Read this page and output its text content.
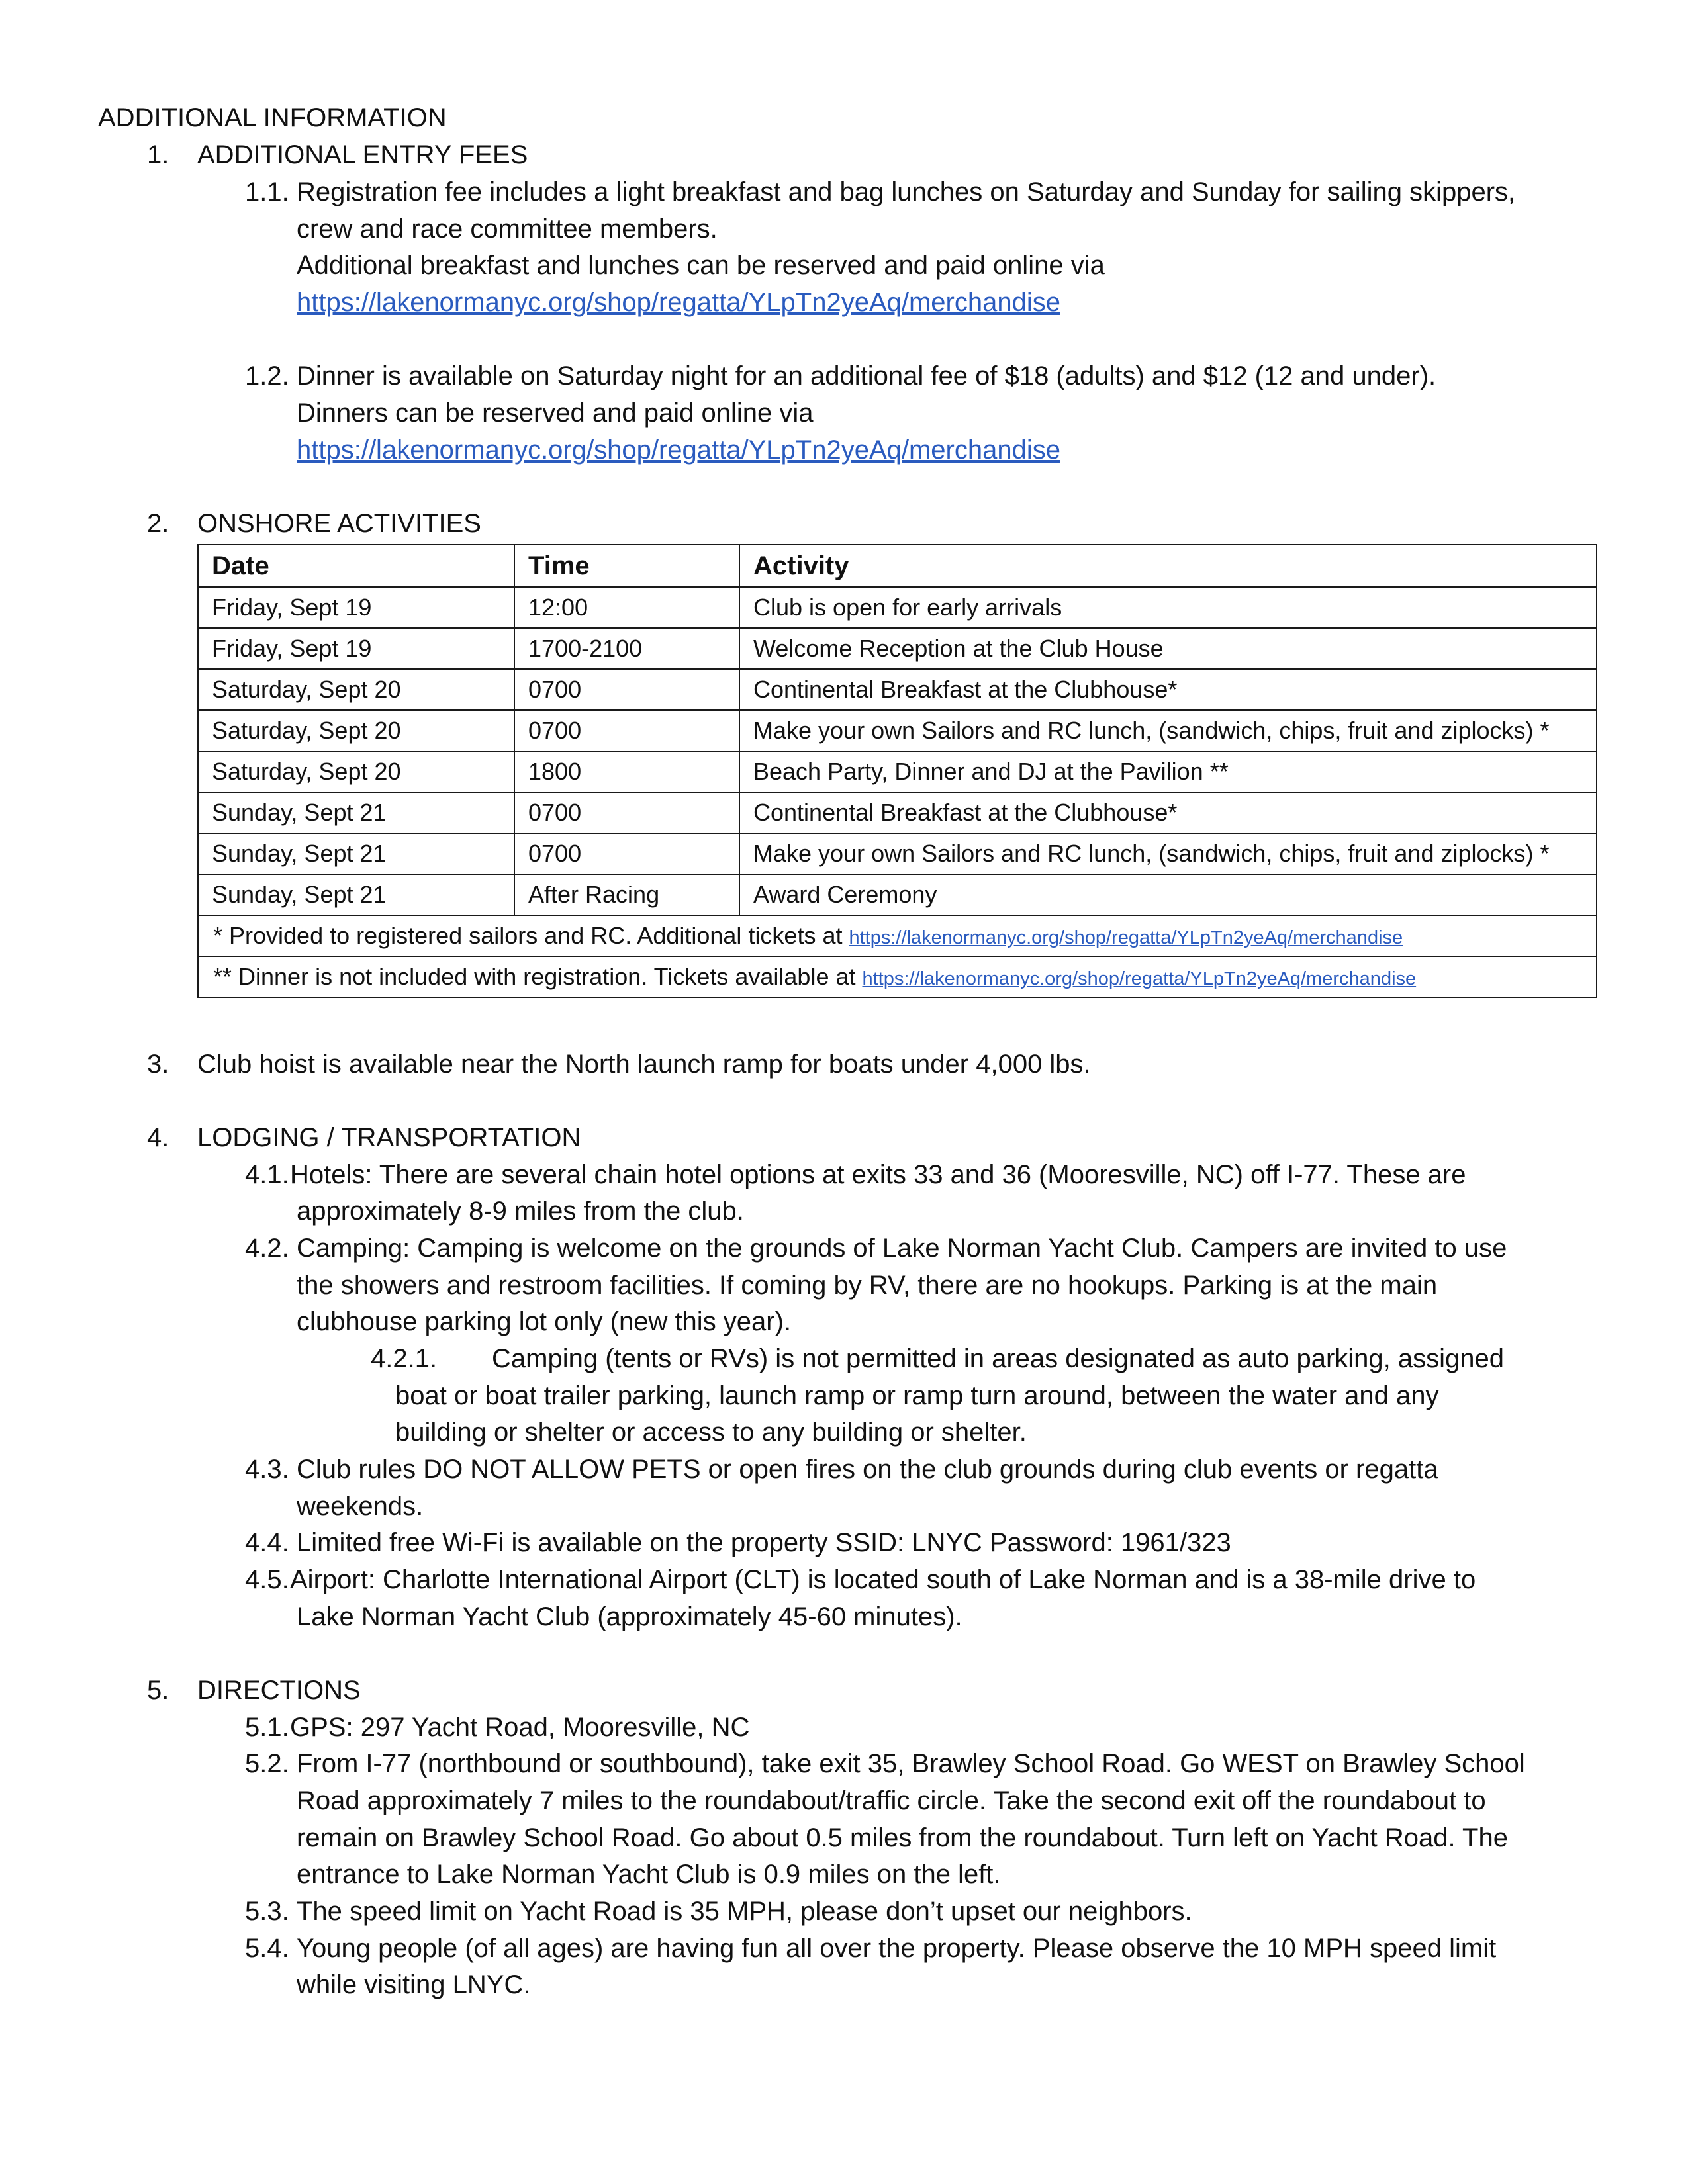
ADDITIONAL INFORMATION
1. ADDITIONAL ENTRY FEES
1.1. Registration fee includes a light breakfast and bag lunches on Saturday and Sunday for sailing skippers,
crew and race committee members.
Additional breakfast and lunches can be reserved and paid online via
https://lakenormanyc.org/shop/regatta/YLpTn2yeAq/merchandise
1.2. Dinner is available on Saturday night for an additional fee of $18 (adults) and $12 (12 and under).
Dinners can be reserved and paid online via
https://lakenormanyc.org/shop/regatta/YLpTn2yeAq/merchandise
2. ONSHORE ACTIVITIES
Date	Time	Activity
Friday, Sept 19	12:00	Club is open for early arrivals
Friday, Sept 19	1700-2100	Welcome Reception at the Club House
Saturday, Sept 20	0700	Continental Breakfast at the Clubhouse*
Saturday, Sept 20	0700	Make your own Sailors and RC lunch, (sandwich, chips, fruit and ziplocks) *
Saturday, Sept 20	1800	Beach Party, Dinner and DJ at the Pavilion **
Sunday, Sept 21	0700	Continental Breakfast at the Clubhouse*
Sunday, Sept 21	0700	Make your own Sailors and RC lunch, (sandwich, chips, fruit and ziplocks) *
Sunday, Sept 21	After Racing	Award Ceremony
* Provided to registered sailors and RC. Additional tickets at https://lakenormanyc.org/shop/regatta/YLpTn2yeAq/merchandise		
** Dinner is not included with registration. Tickets available at https://lakenormanyc.org/shop/regatta/YLpTn2yeAq/merchandise		
3. Club hoist is available near the North launch ramp for boats under 4,000 lbs.
4. LODGING / TRANSPORTATION
4.1. Hotels: There are several chain hotel options at exits 33 and 36 (Mooresville, NC) off I-77. These are
approximately 8-9 miles from the club.
4.2. Camping: Camping is welcome on the grounds of Lake Norman Yacht Club. Campers are invited to use
the showers and restroom facilities. If coming by RV, there are no hookups. Parking is at the main
clubhouse parking lot only (new this year).
4.2.1. Camping (tents or RVs) is not permitted in areas designated as auto parking, assigned
boat or boat trailer parking, launch ramp or ramp turn around, between the water and any
building or shelter or access to any building or shelter.
4.3. Club rules DO NOT ALLOW PETS or open fires on the club grounds during club events or regatta
weekends.
4.4. Limited free Wi-Fi is available on the property SSID: LNYC Password: 1961/323
4.5. Airport: Charlotte International Airport (CLT) is located south of Lake Norman and is a 38-mile drive to
Lake Norman Yacht Club (approximately 45-60 minutes).
5. DIRECTIONS
5.1. GPS: 297 Yacht Road, Mooresville, NC
5.2. From I-77 (northbound or southbound), take exit 35, Brawley School Road. Go WEST on Brawley School
Road approximately 7 miles to the roundabout/traffic circle. Take the second exit off the roundabout to
remain on Brawley School Road. Go about 0.5 miles from the roundabout. Turn left on Yacht Road. The
entrance to Lake Norman Yacht Club is 0.9 miles on the left.
5.3. The speed limit on Yacht Road is 35 MPH, please don’t upset our neighbors.
5.4. Young people (of all ages) are having fun all over the property. Please observe the 10 MPH speed limit
while visiting LNYC.
